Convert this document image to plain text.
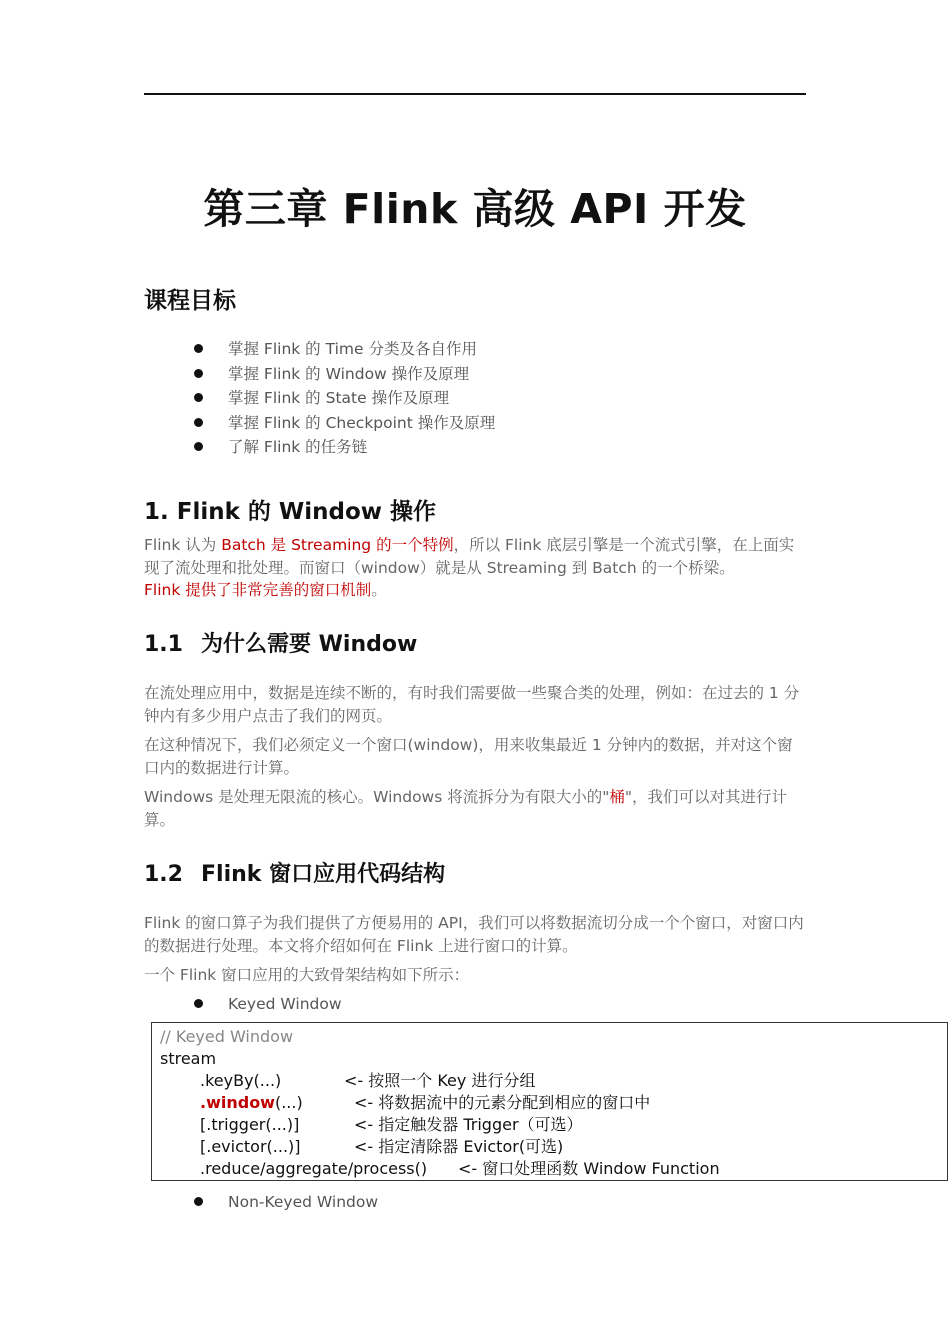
第三章 Flink 高级 API 开发
课程目标
掌握 Flink 的 Time 分类及各自作用
掌握 Flink 的 Window 操作及原理
掌握 Flink 的 State 操作及原理
掌握 Flink 的 Checkpoint 操作及原理
了解 Flink 的任务链
1. Flink 的 Window 操作
Flink 认为 Batch 是 Streaming 的一个特例，所以 Flink 底层引擎是一个流式引擎，在上面实现了流处理和批处理。而窗口（window）就是从 Streaming 到 Batch 的一个桥梁。
Flink 提供了非常完善的窗口机制。
1.1 为什么需要 Window
在流处理应用中，数据是连续不断的，有时我们需要做一些聚合类的处理，例如：在过去的 1 分钟内有多少用户点击了我们的网页。
在这种情况下，我们必须定义一个窗口(window)，用来收集最近 1 分钟内的数据，并对这个窗口内的数据进行计算。
Windows 是处理无限流的核心。Windows 将流拆分为有限大小的"桶"，我们可以对其进行计算。
1.2 Flink 窗口应用代码结构
Flink 的窗口算子为我们提供了方便易用的 API，我们可以将数据流切分成一个个窗口，对窗口内的数据进行处理。本文将介绍如何在 Flink 上进行窗口的计算。
一个 Flink 窗口应用的大致骨架结构如下所示：
Keyed Window
// Keyed Window
stream
.keyBy(...)	<- 按照一个 Key 进行分组
.window(...)	<- 将数据流中的元素分配到相应的窗口中
[.trigger(...)]	<- 指定触发器 Trigger（可选）
[.evictor(...)]	<- 指定清除器 Evictor(可选)
.reduce/aggregate/process() <- 窗口处理函数 Window Function
Non-Keyed Window
